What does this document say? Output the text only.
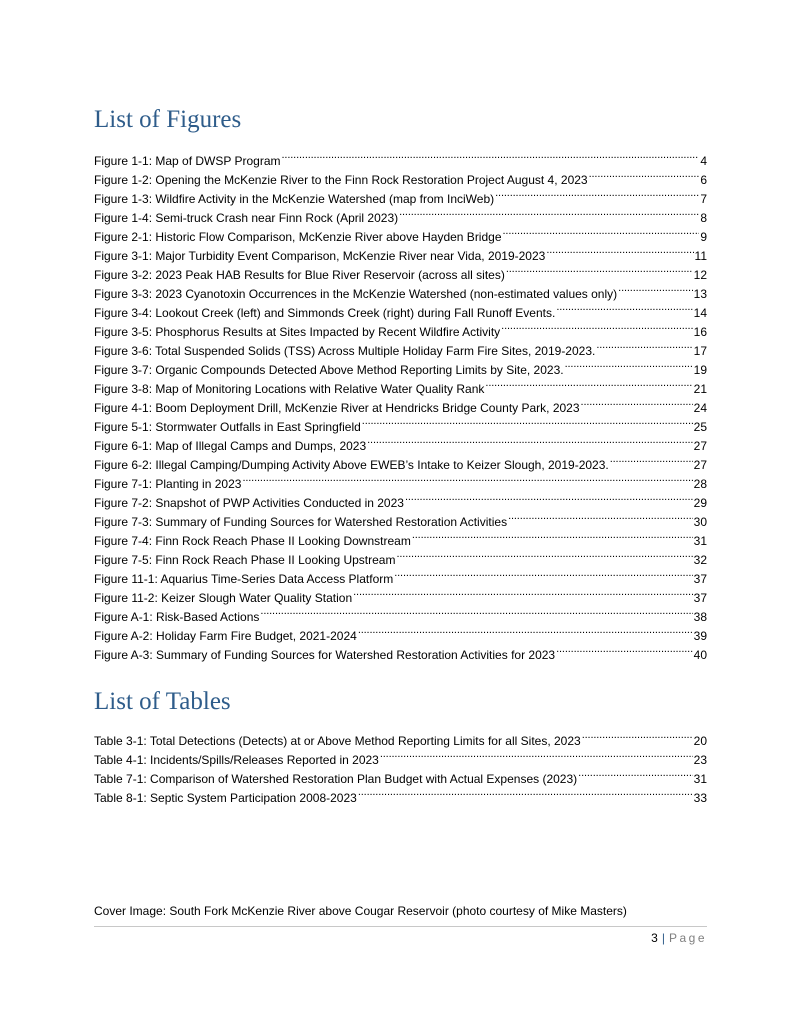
List of Figures
Figure 1-1: Map of DWSP Program . . .	4
Figure 1-2: Opening the McKenzie River to the Finn Rock Restoration Project August 4, 2023 . . .	6
Figure 1-3: Wildfire Activity in the McKenzie Watershed (map from InciWeb) . . .	7
Figure 1-4: Semi-truck Crash near Finn Rock (April 2023) . . .	8
Figure 2-1: Historic Flow Comparison, McKenzie River above Hayden Bridge . . .	9
Figure 3-1: Major Turbidity Event Comparison, McKenzie River near Vida, 2019-2023 . . .	11
Figure 3-2: 2023 Peak HAB Results for Blue River Reservoir (across all sites) . . .	12
Figure 3-3: 2023 Cyanotoxin Occurrences in the McKenzie Watershed (non-estimated values only) . . .	13
Figure 3-4: Lookout Creek (left) and Simmonds Creek (right) during Fall Runoff Events. . . .	14
Figure 3-5: Phosphorus Results at Sites Impacted by Recent Wildfire Activity . . .	16
Figure 3-6: Total Suspended Solids (TSS) Across Multiple Holiday Farm Fire Sites, 2019-2023. . . .	17
Figure 3-7: Organic Compounds Detected Above Method Reporting Limits by Site, 2023. . . .	19
Figure 3-8: Map of Monitoring Locations with Relative Water Quality Rank . . .	21
Figure 4-1: Boom Deployment Drill, McKenzie River at Hendricks Bridge County Park, 2023 . . .	24
Figure 5-1: Stormwater Outfalls in East Springfield . . .	25
Figure 6-1: Map of Illegal Camps and Dumps, 2023 . . .	27
Figure 6-2: Illegal Camping/Dumping Activity Above EWEB’s Intake to Keizer Slough, 2019-2023. . . .	27
Figure 7-1: Planting in 2023 . . .	28
Figure 7-2: Snapshot of PWP Activities Conducted in 2023 . . .	29
Figure 7-3: Summary of Funding Sources for Watershed Restoration Activities . . .	30
Figure 7-4: Finn Rock Reach Phase II Looking Downstream . . .	31
Figure 7-5: Finn Rock Reach Phase II Looking Upstream . . .	32
Figure 11-1: Aquarius Time-Series Data Access Platform . . .	37
Figure 11-2: Keizer Slough Water Quality Station . . .	37
Figure A-1: Risk-Based Actions . . .	38
Figure A-2: Holiday Farm Fire Budget, 2021-2024 . . .	39
Figure A-3: Summary of Funding Sources for Watershed Restoration Activities for 2023 . . .	40
List of Tables
Table 3-1: Total Detections (Detects) at or Above Method Reporting Limits for all Sites, 2023 . . .	20
Table 4-1: Incidents/Spills/Releases Reported in 2023 . . .	23
Table 7-1: Comparison of Watershed Restoration Plan Budget with Actual Expenses (2023) . . .	31
Table 8-1: Septic System Participation 2008-2023 . . .	33
Cover Image: South Fork McKenzie River above Cougar Reservoir (photo courtesy of Mike Masters)
3 | Page
